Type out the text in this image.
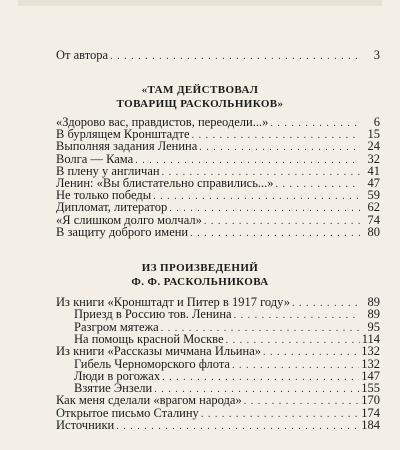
От автора . . .	3
«ТАМ ДЕЙСТВОВАЛ
ТОВАРИЩ РАСКОЛЬНИКОВ»
«Здорово вас, правдистов, переодели...» . . .	6
В бурлящем Кронштадте . . .	15
Выполняя задания Ленина . . .	24
Волга — Кама . . .	32
В плену у англичан . . .	41
Ленин: «Вы блистательно справились...» . . .	47
Не только победы . . .	59
Дипломат, литератор . . .	62
«Я слишком долго молчал» . . .	74
В защиту доброго имени . . .	80
ИЗ ПРОИЗВЕДЕНИЙ
Ф. Ф. РАСКОЛЬНИКОВА
Из книги «Кронштадт и Питер в 1917 году» . . .	89
Приезд в Россию тов. Ленина . . .	89
Разгром мятежа . . .	95
На помощь красной Москве . . .	114
Из книги «Рассказы мичмана Ильина» . . .	132
Гибель Черноморского флота . . .	132
Люди в рогожах . . .	147
Взятие Энзели . . .	155
Как меня сделали «врагом народа» . . .	170
Открытое письмо Сталину . . .	174
Источники . . .	184
